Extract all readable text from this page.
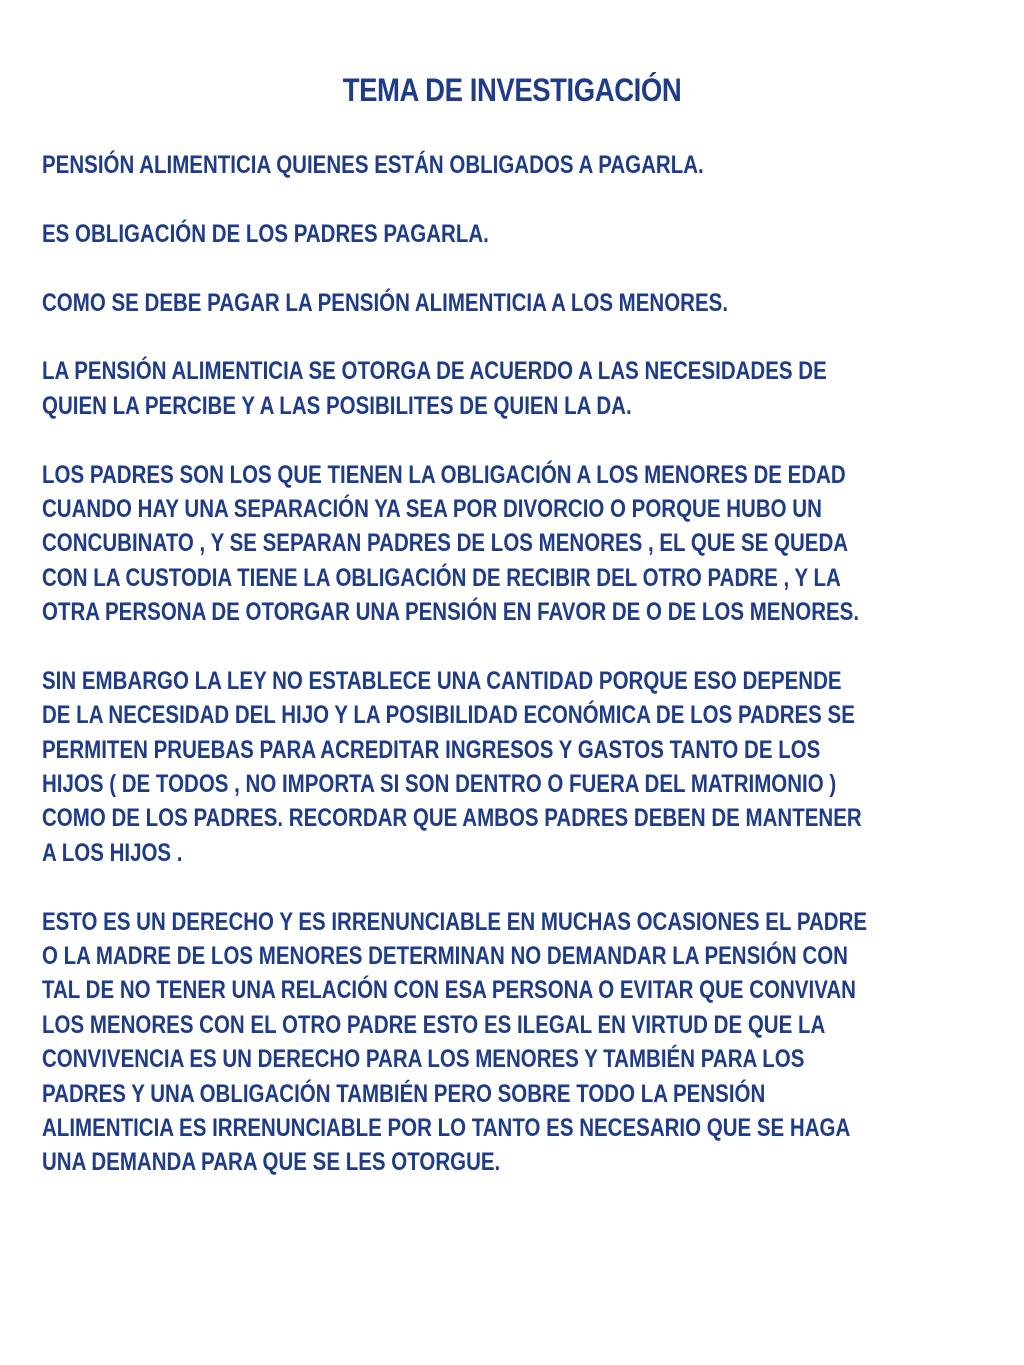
TEMA DE INVESTIGACIÓN
PENSIÓN ALIMENTICIA QUIENES ESTÁN OBLIGADOS A PAGARLA.
ES OBLIGACIÓN DE LOS PADRES PAGARLA.
COMO SE DEBE PAGAR LA PENSIÓN ALIMENTICIA A LOS MENORES.
LA PENSIÓN ALIMENTICIA SE OTORGA DE ACUERDO A LAS NECESIDADES DE
QUIEN LA PERCIBE Y A LAS POSIBILITES DE QUIEN LA DA.
LOS PADRES SON LOS QUE TIENEN LA OBLIGACIÓN A LOS MENORES DE EDAD
CUANDO HAY UNA SEPARACIÓN YA SEA POR DIVORCIO O PORQUE HUBO UN
CONCUBINATO , Y SE SEPARAN PADRES DE LOS MENORES , EL QUE SE QUEDA
CON LA CUSTODIA TIENE LA OBLIGACIÓN DE RECIBIR DEL OTRO PADRE , Y LA
OTRA PERSONA DE OTORGAR UNA PENSIÓN EN FAVOR DE O DE LOS MENORES.
SIN EMBARGO LA LEY NO ESTABLECE UNA CANTIDAD PORQUE ESO DEPENDE
DE LA NECESIDAD DEL HIJO Y LA POSIBILIDAD ECONÓMICA DE LOS PADRES SE
PERMITEN PRUEBAS PARA ACREDITAR INGRESOS Y GASTOS TANTO DE LOS
HIJOS ( DE TODOS , NO IMPORTA SI SON DENTRO O FUERA DEL MATRIMONIO )
COMO DE LOS PADRES. RECORDAR QUE AMBOS PADRES DEBEN DE MANTENER
A LOS HIJOS .
ESTO ES UN DERECHO Y ES IRRENUNCIABLE EN MUCHAS OCASIONES EL PADRE
O LA MADRE DE LOS MENORES DETERMINAN NO DEMANDAR LA PENSIÓN CON
TAL DE NO TENER UNA RELACIÓN CON ESA PERSONA O EVITAR QUE CONVIVAN
LOS MENORES CON EL OTRO PADRE ESTO ES ILEGAL EN VIRTUD DE QUE LA
CONVIVENCIA ES UN DERECHO PARA LOS MENORES Y TAMBIÉN PARA LOS
PADRES Y UNA OBLIGACIÓN TAMBIÉN PERO SOBRE TODO LA PENSIÓN
ALIMENTICIA ES IRRENUNCIABLE POR LO TANTO ES NECESARIO QUE SE HAGA
UNA DEMANDA PARA QUE SE LES OTORGUE.
